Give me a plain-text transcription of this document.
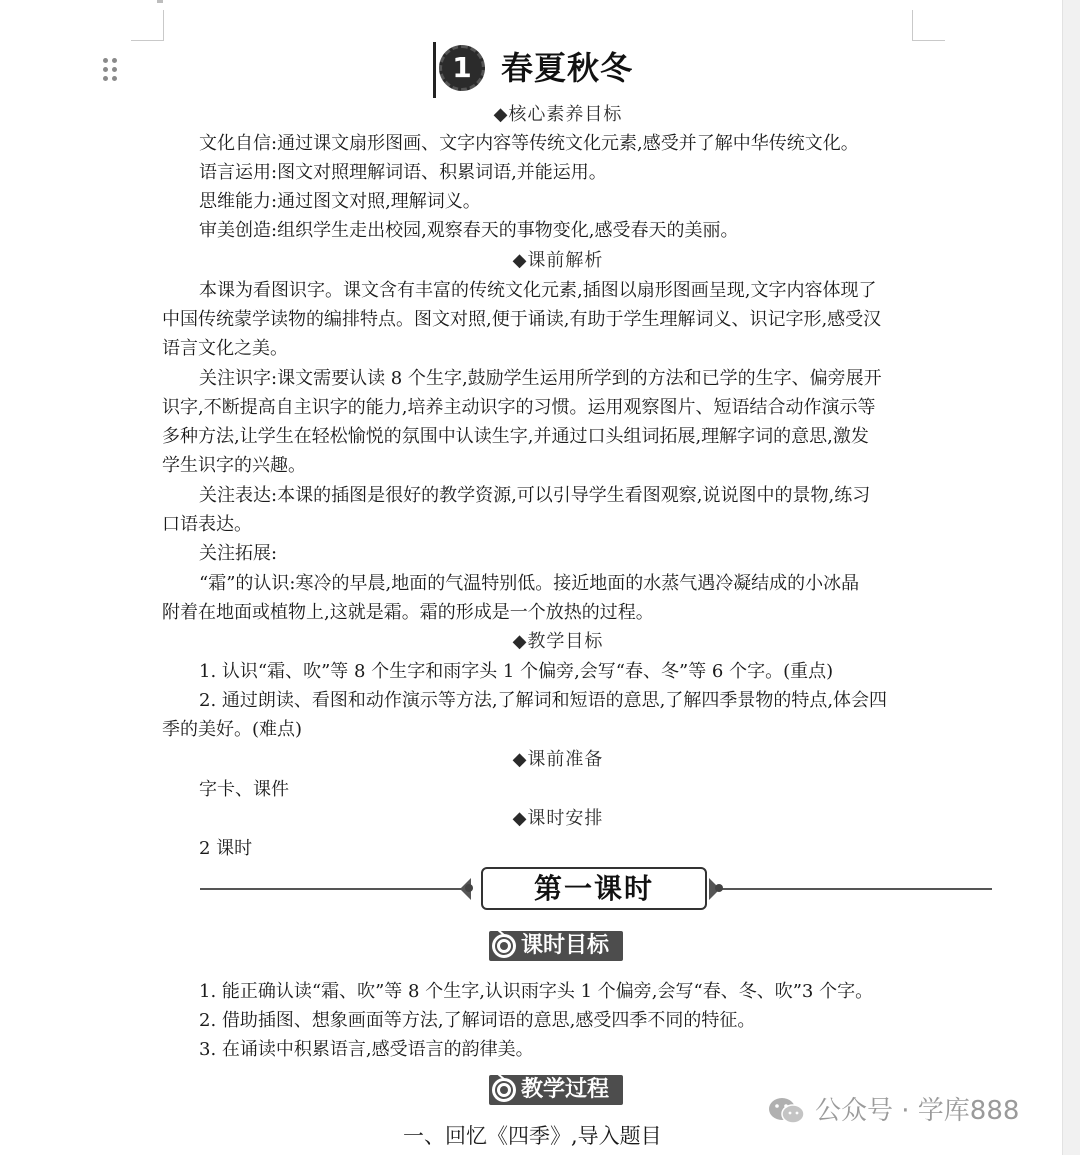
1 春夏秋冬
◆核心素养目标
文化自信:通过课文扇形图画、文字内容等传统文化元素,感受并了解中华传统文化。
语言运用:图文对照理解词语、积累词语,并能运用。
思维能力:通过图文对照,理解词义。
审美创造:组织学生走出校园,观察春天的事物变化,感受春天的美丽。
◆课前解析
本课为看图识字。课文含有丰富的传统文化元素,插图以扇形图画呈现,文字内容体现了
中国传统蒙学读物的编排特点。图文对照,便于诵读,有助于学生理解词义、识记字形,感受汉
语言文化之美。
关注识字:课文需要认读 8 个生字,鼓励学生运用所学到的方法和已学的生字、偏旁展开
识字,不断提高自主识字的能力,培养主动识字的习惯。运用观察图片、短语结合动作演示等
多种方法,让学生在轻松愉悦的氛围中认读生字,并通过口头组词拓展,理解字词的意思,激发
学生识字的兴趣。
关注表达:本课的插图是很好的教学资源,可以引导学生看图观察,说说图中的景物,练习
口语表达。
关注拓展:
“霜”的认识:寒冷的早晨,地面的气温特别低。接近地面的水蒸气遇冷凝结成的小冰晶
附着在地面或植物上,这就是霜。霜的形成是一个放热的过程。
◆教学目标
1. 认识“霜、吹”等 8 个生字和雨字头 1 个偏旁,会写“春、冬”等 6 个字。(重点)
2. 通过朗读、看图和动作演示等方法,了解词和短语的意思,了解四季景物的特点,体会四
季的美好。(难点)
◆课前准备
字卡、课件
◆课时安排
2 课时
第一课时
课时目标
1. 能正确认读“霜、吹”等 8 个生字,认识雨字头 1 个偏旁,会写“春、冬、吹”3 个字。
2. 借助插图、想象画面等方法,了解词语的意思,感受四季不同的特征。
3. 在诵读中积累语言,感受语言的韵律美。
教学过程
一、回忆《四季》,导入题目
公众号 · 学库888
